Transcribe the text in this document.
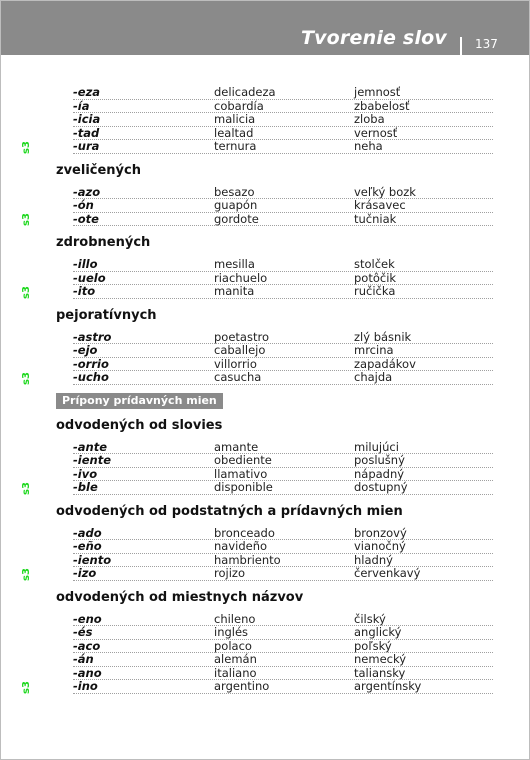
Tvorenie slov 137
-eza	delicadeza	jemnosť
-ía	cobardía	zbabelosť
-icia	malicia	zloba
-tad	lealtad	vernosť
-ura	ternura	neha
s3
zveličených
-azo	besazo	veľký bozk
-ón	guapón	krásavec
-ote	gordote	tučniak
s3
zdrobnených
-illo	mesilla	stolček
-uelo	riachuelo	potôčik
-ito	manita	ručička
s3
pejoratívnych
-astro	poetastro	zlý básnik
-ejo	caballejo	mrcina
-orrio	villorrio	zapadákov
-ucho	casucha	chajda
s3
Prípony prídavných mien
odvodených od slovies
-ante	amante	milujúci
-iente	obediente	poslušný
-ivo	llamativo	nápadný
-ble	disponible	dostupný
s3
odvodených od podstatných a prídavných mien
-ado	bronceado	bronzový
-eño	navideño	vianočný
-iento	hambriento	hladný
-izo	rojizo	červenkavý
s3
odvodených od miestnych názvov
-eno	chileno	čilský
-és	inglés	anglický
-aco	polaco	poľský
-án	alemán	nemecký
-ano	italiano	taliansky
-ino	argentino	argentínsky
s3
